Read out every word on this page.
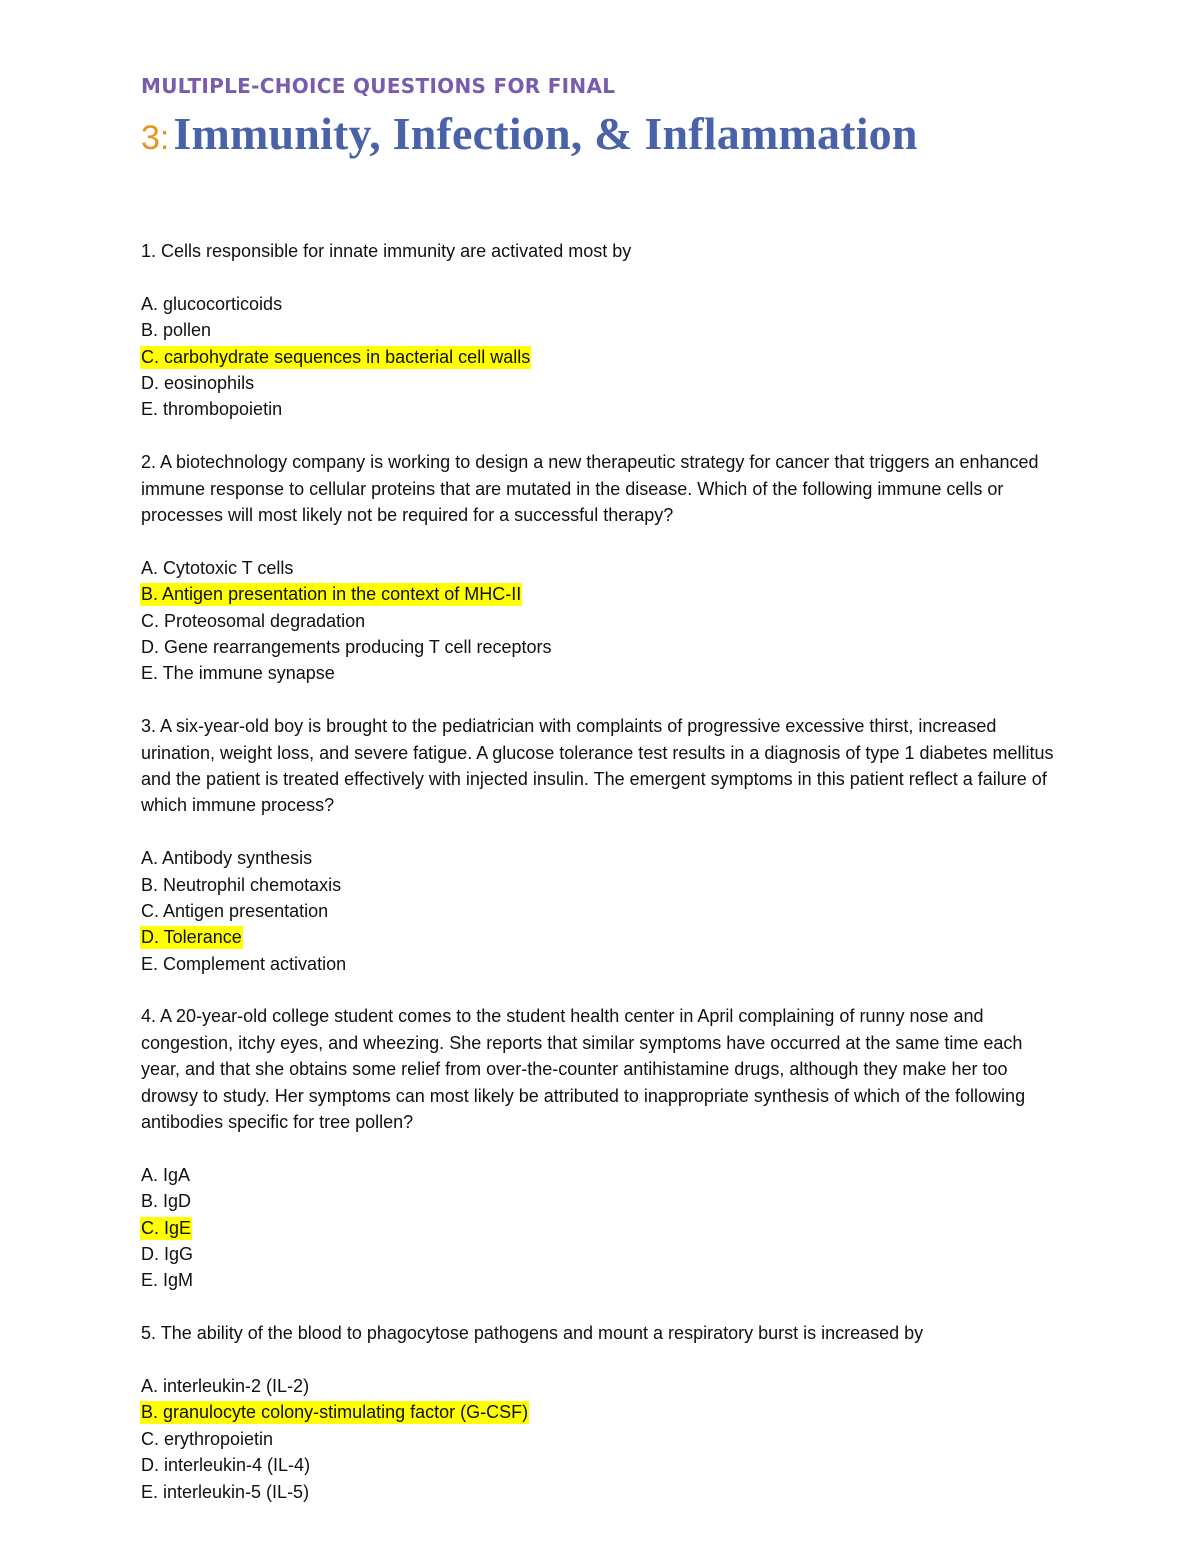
MULTIPLE-CHOICE QUESTIONS FOR FINAL
3: Immunity, Infection, & Inflammation

1. Cells responsible for innate immunity are activated most by

A. glucocorticoids
B. pollen
C. carbohydrate sequences in bacterial cell walls
D. eosinophils
E. thrombopoietin

2. A biotechnology company is working to design a new therapeutic strategy for cancer that triggers an enhanced immune response to cellular proteins that are mutated in the disease. Which of the following immune cells or processes will most likely not be required for a successful therapy?

A. Cytotoxic T cells
B. Antigen presentation in the context of MHC-II
C. Proteosomal degradation
D. Gene rearrangements producing T cell receptors
E. The immune synapse

3. A six-year-old boy is brought to the pediatrician with complaints of progressive excessive thirst, increased urination, weight loss, and severe fatigue. A glucose tolerance test results in a diagnosis of type 1 diabetes mellitus and the patient is treated effectively with injected insulin. The emergent symptoms in this patient reflect a failure of which immune process?

A. Antibody synthesis
B. Neutrophil chemotaxis
C. Antigen presentation
D. Tolerance
E. Complement activation

4. A 20-year-old college student comes to the student health center in April complaining of runny nose and congestion, itchy eyes, and wheezing. She reports that similar symptoms have occurred at the same time each year, and that she obtains some relief from over-the-counter antihistamine drugs, although they make her too drowsy to study. Her symptoms can most likely be attributed to inappropriate synthesis of which of the following antibodies specific for tree pollen?

A. IgA
B. IgD
C. IgE
D. IgG
E. IgM

5. The ability of the blood to phagocytose pathogens and mount a respiratory burst is increased by

A. interleukin-2 (IL-2)
B. granulocyte colony-stimulating factor (G-CSF)
C. erythropoietin
D. interleukin-4 (IL-4)
E. interleukin-5 (IL-5)
